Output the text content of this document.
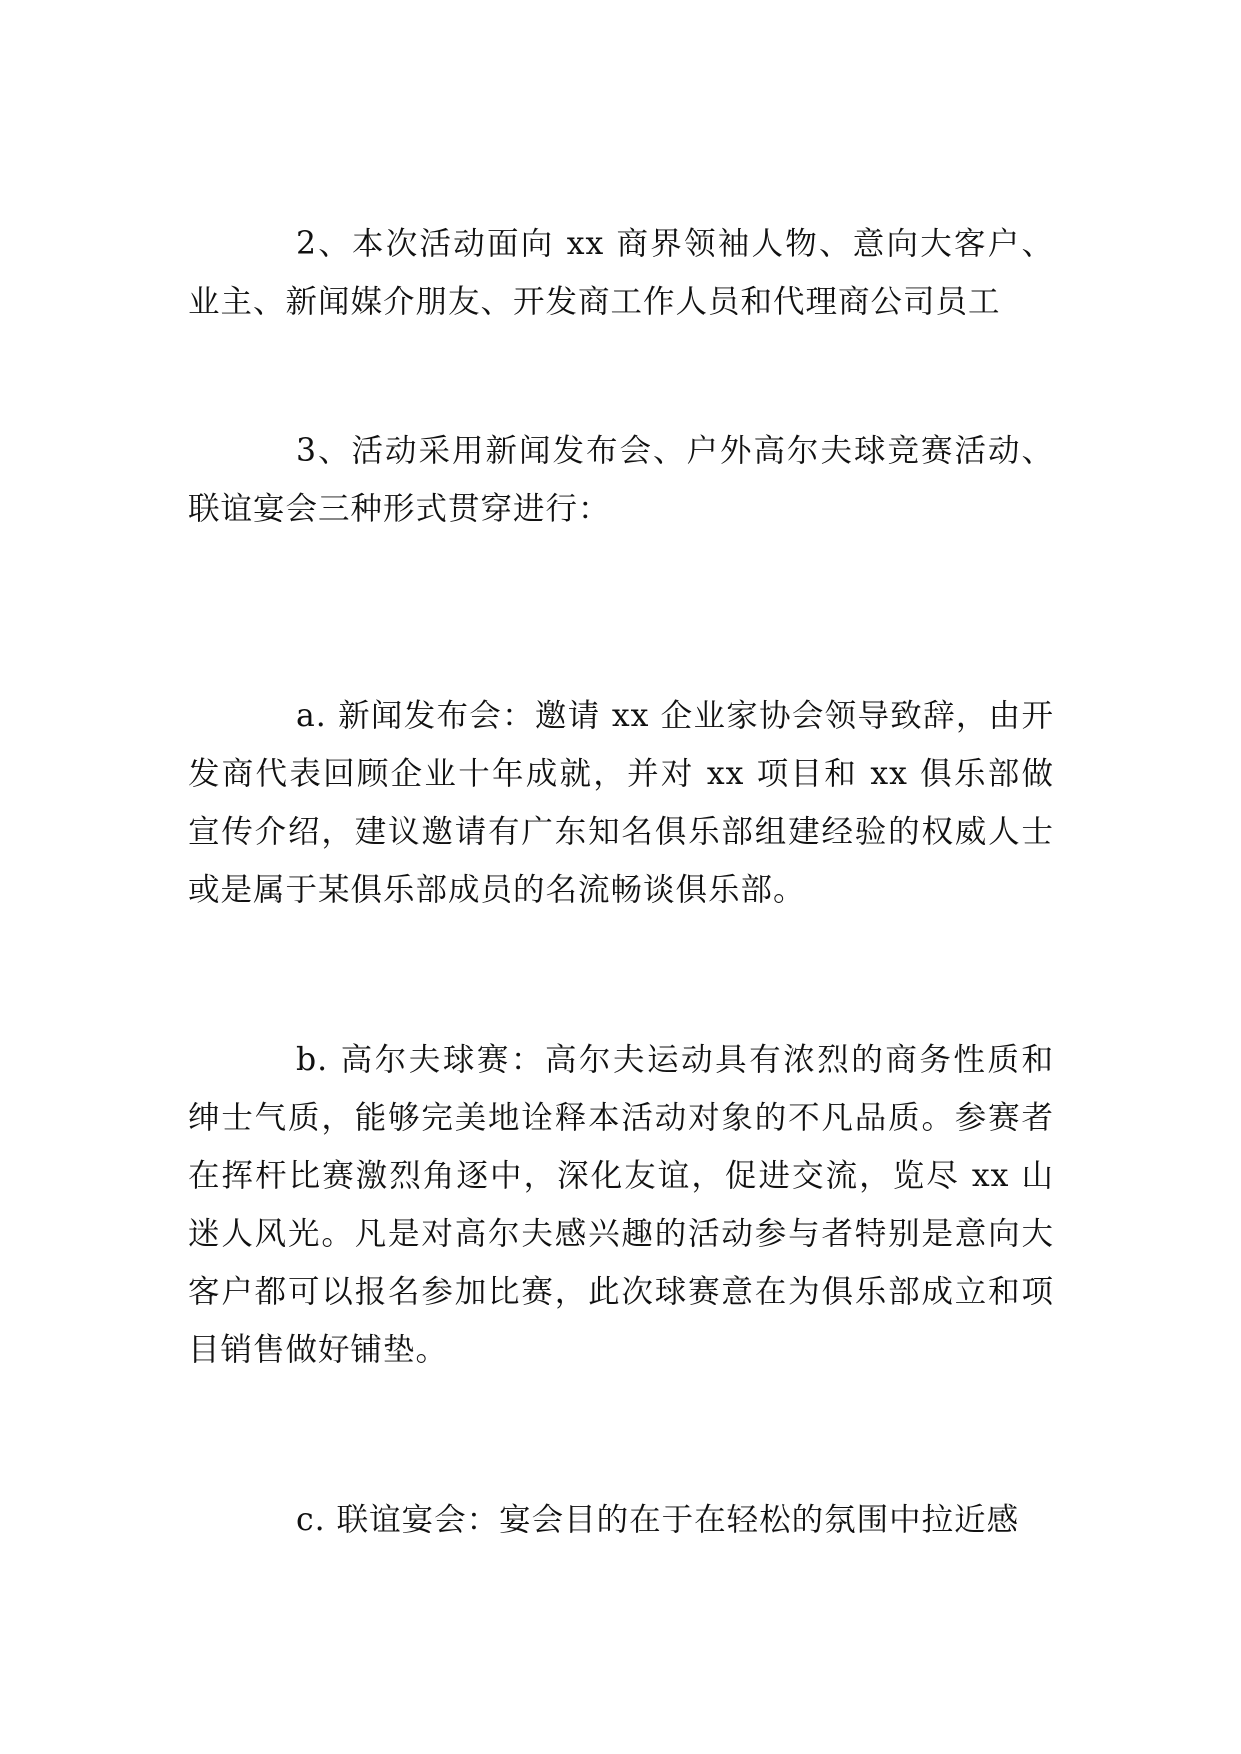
2、本次活动面向 xx 商界领袖人物、意向大客户、业主、新闻媒介朋友、开发商工作人员和代理商公司员工

3、活动采用新闻发布会、户外高尔夫球竞赛活动、联谊宴会三种形式贯穿进行：

a. 新闻发布会：邀请 xx 企业家协会领导致辞，由开发商代表回顾企业十年成就，并对 xx 项目和 xx 俱乐部做宣传介绍，建议邀请有广东知名俱乐部组建经验的权威人士或是属于某俱乐部成员的名流畅谈俱乐部。

b. 高尔夫球赛：高尔夫运动具有浓烈的商务性质和绅士气质，能够完美地诠释本活动对象的不凡品质。参赛者在挥杆比赛激烈角逐中，深化友谊，促进交流，览尽 xx 山迷人风光。凡是对高尔夫感兴趣的活动参与者特别是意向大客户都可以报名参加比赛，此次球赛意在为俱乐部成立和项目销售做好铺垫。

c. 联谊宴会：宴会目的在于在轻松的氛围中拉近感
